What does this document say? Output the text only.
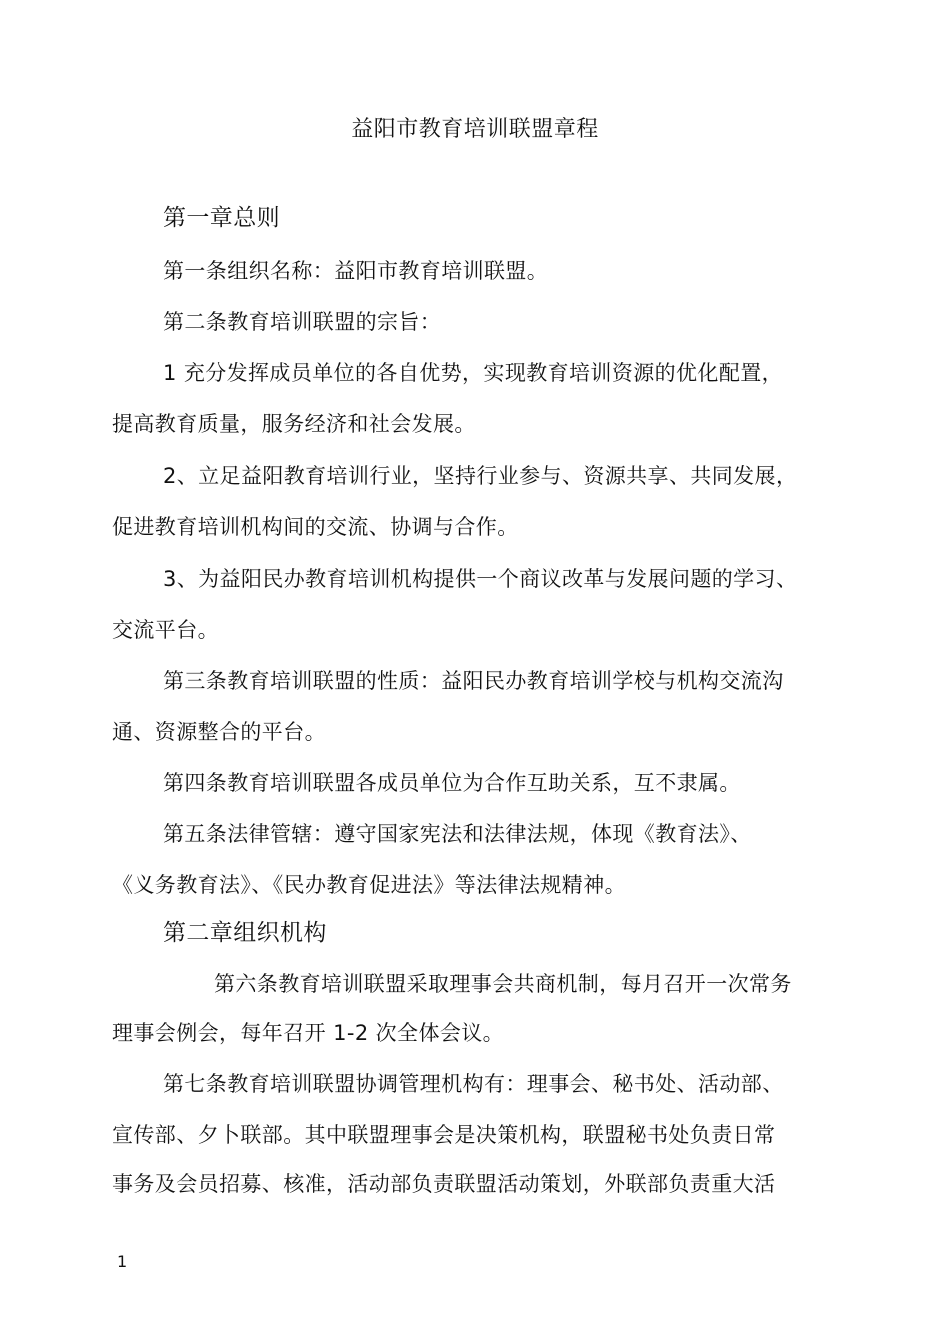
益阳市教育培训联盟章程
第一章总则
第一条组织名称：益阳市教育培训联盟。
第二条教育培训联盟的宗旨：
1 充分发挥成员单位的各自优势，实现教育培训资源的优化配置，
提高教育质量，服务经济和社会发展。
2、立足益阳教育培训行业，坚持行业参与、资源共享、共同发展，
促进教育培训机构间的交流、协调与合作。
3、为益阳民办教育培训机构提供一个商议改革与发展问题的学习、
交流平台。
第三条教育培训联盟的性质：益阳民办教育培训学校与机构交流沟
通、资源整合的平台。
第四条教育培训联盟各成员单位为合作互助关系，互不隶属。
第五条法律管辖：遵守国家宪法和法律法规，体现《教育法》、
《义务教育法》、《民办教育促进法》等法律法规精神。
第二章组织机构
第六条教育培训联盟采取理事会共商机制，每月召开一次常务
理事会例会，每年召开 1-2 次全体会议。
第七条教育培训联盟协调管理机构有：理事会、秘书处、活动部、
宣传部、夕卜联部。其中联盟理事会是决策机构，联盟秘书处负责日常
事务及会员招募、核准，活动部负责联盟活动策划，外联部负责重大活
1
